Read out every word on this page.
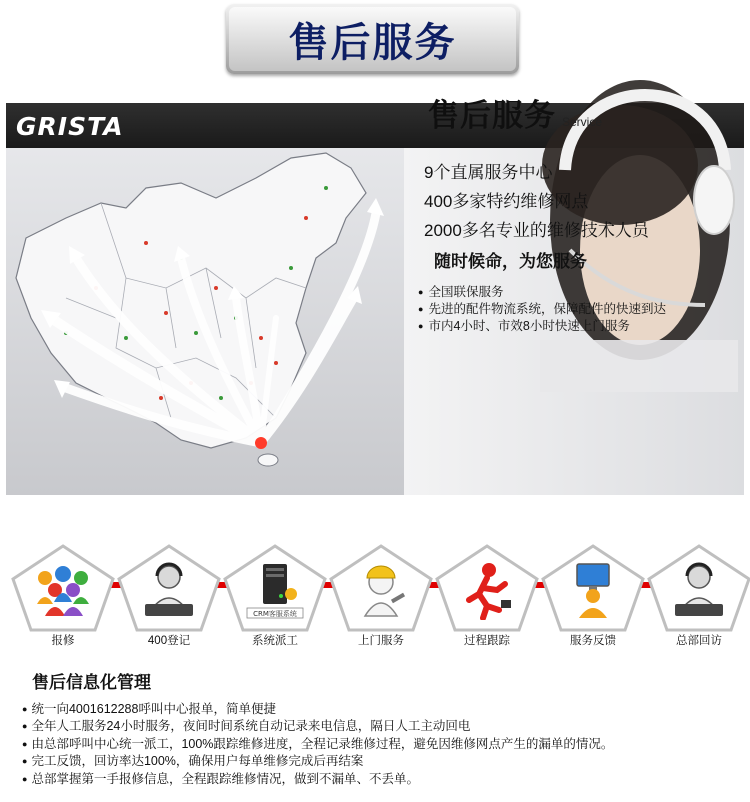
售后服务
GRISTA	售后服务 Service
9个直属服务中心
400多家特约维修网点
2000多名专业的维修技术人员
随时候命，为您服务
● 全国联保服务
● 先进的配件物流系统，保障配件的快速到达
● 市内4小时、市效8小时快速上门服务
报修	400登记
CRM客服系统
系统派工	上门服务	过程跟踪	服务反馈	总部回访
售后信息化管理
● 统一向4001612288呼叫中心报单，简单便捷
● 全年人工服务24小时服务，夜间时间系统自动记录来电信息，隔日人工主动回电
● 由总部呼叫中心统一派工，100%跟踪维修进度，全程记录维修过程，避免因维修网点产生的漏单的情况。
● 完工反馈，回访率达100%，确保用户每单维修完成后再结案
● 总部掌握第一手报修信息，全程跟踪维修情况，做到不漏单、不丢单。
